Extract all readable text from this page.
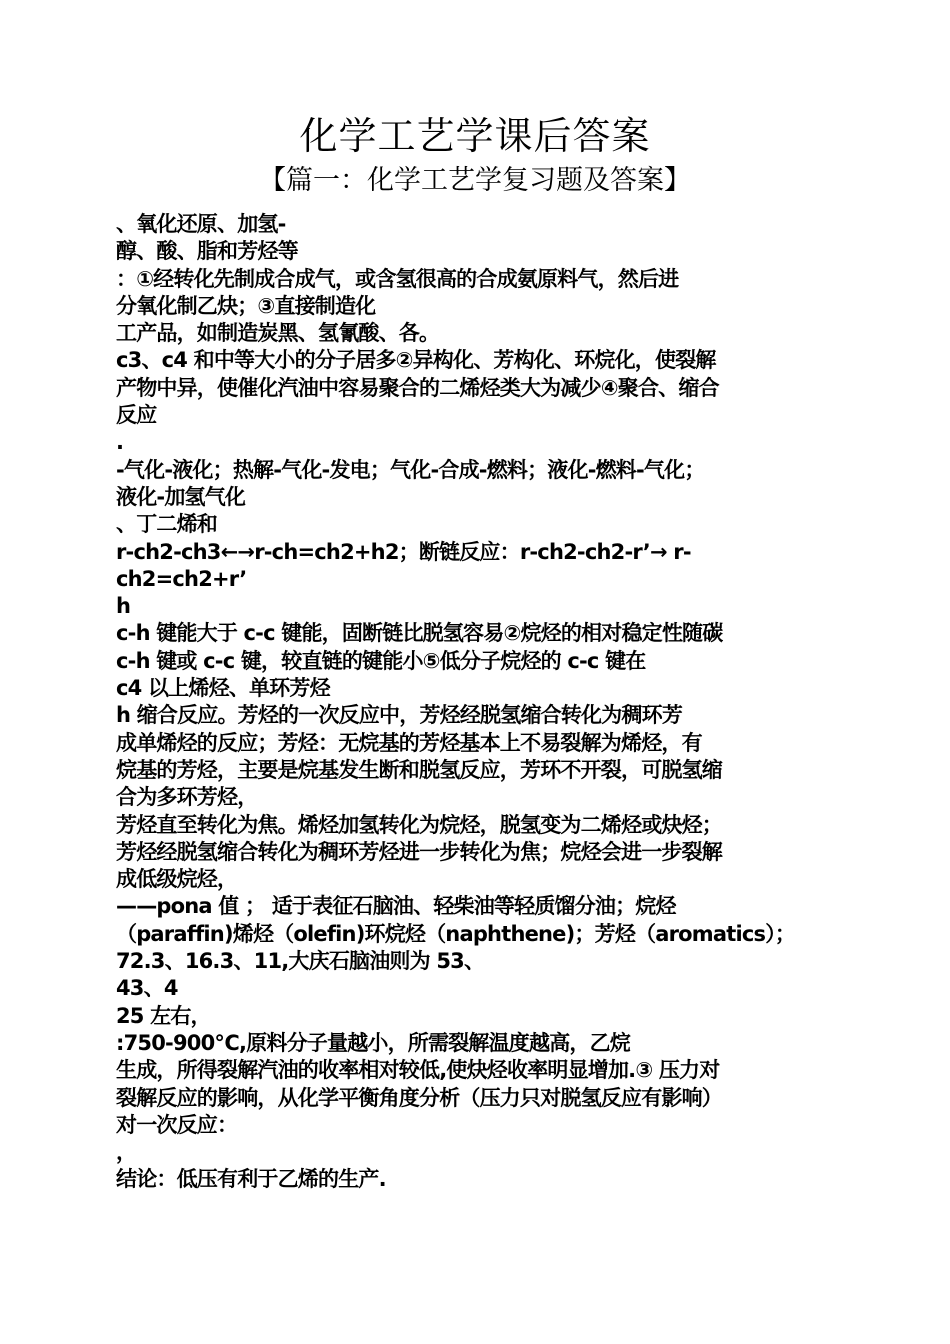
化学工艺学课后答案
【篇一：化学工艺学复习题及答案】
、氧化还原、加氢-
醇、酸、脂和芳烃等
：①经转化先制成合成气，或含氢很高的合成氨原料气，然后进
分氧化制乙炔；③直接制造化
工产品，如制造炭黑、氢氰酸、各。
c3、c4 和中等大小的分子居多②异构化、芳构化、环烷化，使裂解
产物中异，使催化汽油中容易聚合的二烯烃类大为减少④聚合、缩合
反应
.
-气化-液化；热解-气化-发电；气化-合成-燃料；液化-燃料-气化；
液化-加氢气化
、丁二烯和
r-ch2-ch3←→r-ch=ch2+h2；断链反应：r-ch2-ch2-r’→ r-
ch2=ch2+r’
h
c-h 键能大于 c-c 键能，固断链比脱氢容易②烷烃的相对稳定性随碳
c-h 键或 c-c 键，较直链的键能小⑤低分子烷烃的 c-c 键在
c4 以上烯烃、单环芳烃
h 缩合反应。芳烃的一次反应中，芳烃经脱氢缩合转化为稠环芳
成单烯烃的反应；芳烃：无烷基的芳烃基本上不易裂解为烯烃，有
烷基的芳烃，主要是烷基发生断和脱氢反应，芳环不开裂，可脱氢缩
合为多环芳烃，
芳烃直至转化为焦。烯烃加氢转化为烷烃，脱氢变为二烯烃或炔烃；
芳烃经脱氢缩合转化为稠环芳烃进一步转化为焦；烷烃会进一步裂解
成低级烷烃，
——pona 值 ； 适于表征石脑油、轻柴油等轻质馏分油；烷烃
（paraffin)烯烃（olefin)环烷烃（naphthene)；芳烃（aromatics）；
72.3、16.3、11,大庆石脑油则为 53、
43、4
25 左右，
:750-900℃,原料分子量越小，所需裂解温度越高，乙烷
生成，所得裂解汽油的收率相对较低,使炔烃收率明显增加.③ 压力对
裂解反应的影响，从化学平衡角度分析（压力只对脱氢反应有影响）
对一次反应：
，
结论：低压有利于乙烯的生产.
